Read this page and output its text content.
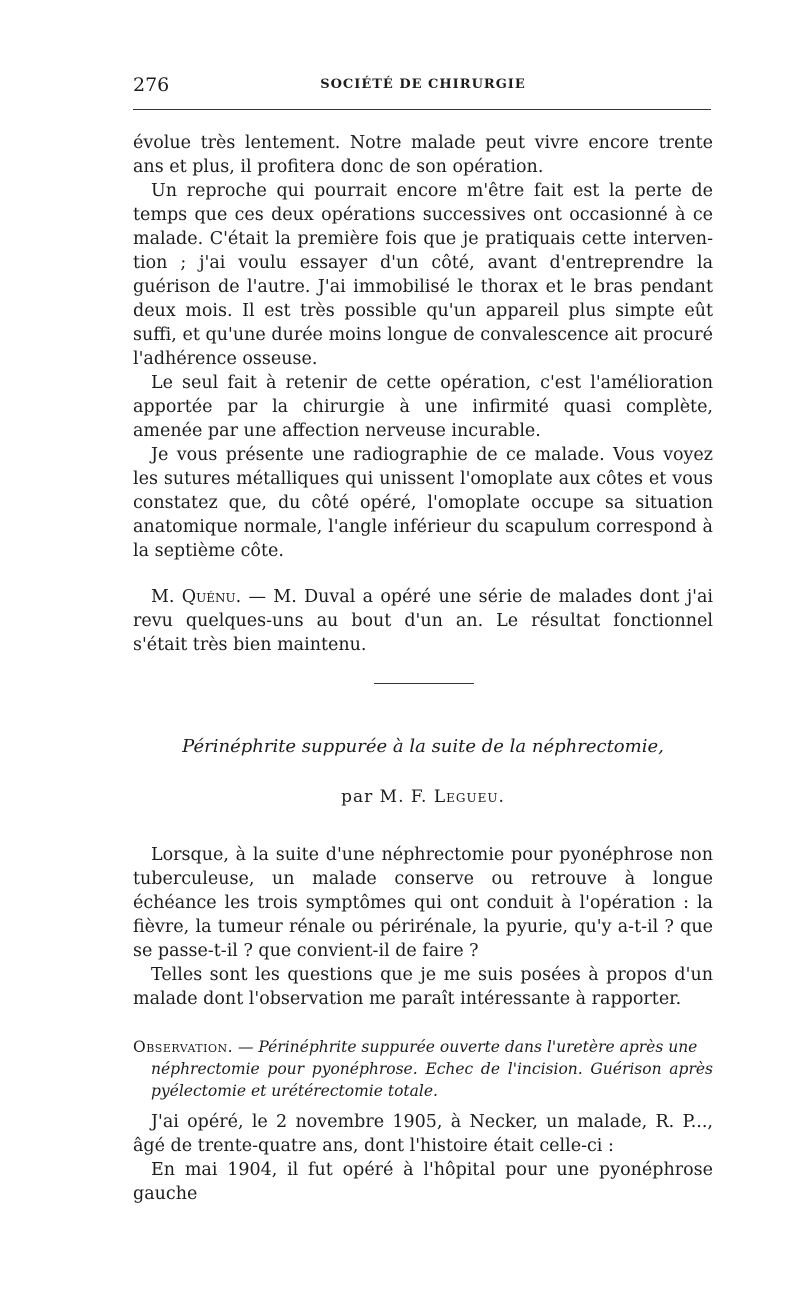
276	SOCIÉTÉ DE CHIRURGIE

évolue très lentement. Notre malade peut vivre encore trente ans et plus, il profitera donc de son opération.

Un reproche qui pourrait encore m'être fait est la perte de temps que ces deux opérations successives ont occasionné à ce malade. C'était la première fois que je pratiquais cette intervention ; j'ai voulu essayer d'un côté, avant d'entreprendre la guérison de l'autre. J'ai immobilisé le thorax et le bras pendant deux mois. Il est très possible qu'un appareil plus simpte eût suffi, et qu'une durée moins longue de convalescence ait procuré l'adhérence osseuse.

Le seul fait à retenir de cette opération, c'est l'amélioration apportée par la chirurgie à une infirmité quasi complète, amenée par une affection nerveuse incurable.

Je vous présente une radiographie de ce malade. Vous voyez les sutures métalliques qui unissent l'omoplate aux côtes et vous constatez que, du côté opéré, l'omoplate occupe sa situation anatomique normale, l'angle inférieur du scapulum correspond à la septième côte.

M. Quénu. — M. Duval a opéré une série de malades dont j'ai revu quelques-uns au bout d'un an. Le résultat fonctionnel s'était très bien maintenu.

Périnéphrite suppurée à la suite de la néphrectomie,
par M. F. Legueu.

Lorsque, à la suite d'une néphrectomie pour pyonéphrose non tuberculeuse, un malade conserve ou retrouve à longue échéance les trois symptômes qui ont conduit à l'opération : la fièvre, la tumeur rénale ou périrénale, la pyurie, qu'y a-t-il ? que se passe-t-il ? que convient-il de faire ?

Telles sont les questions que je me suis posées à propos d'un malade dont l'observation me paraît intéressante à rapporter.

Observation. — Périnéphrite suppurée ouverte dans l'uretère après une

néphrectomie pour pyonéphrose. Echec de l'incision. Guérison après pyélectomie et urétérectomie totale.

J'ai opéré, le 2 novembre 1905, à Necker, un malade, R. P..., âgé de trente-quatre ans, dont l'histoire était celle-ci :

En mai 1904, il fut opéré à l'hôpital pour une pyonéphrose gauche
